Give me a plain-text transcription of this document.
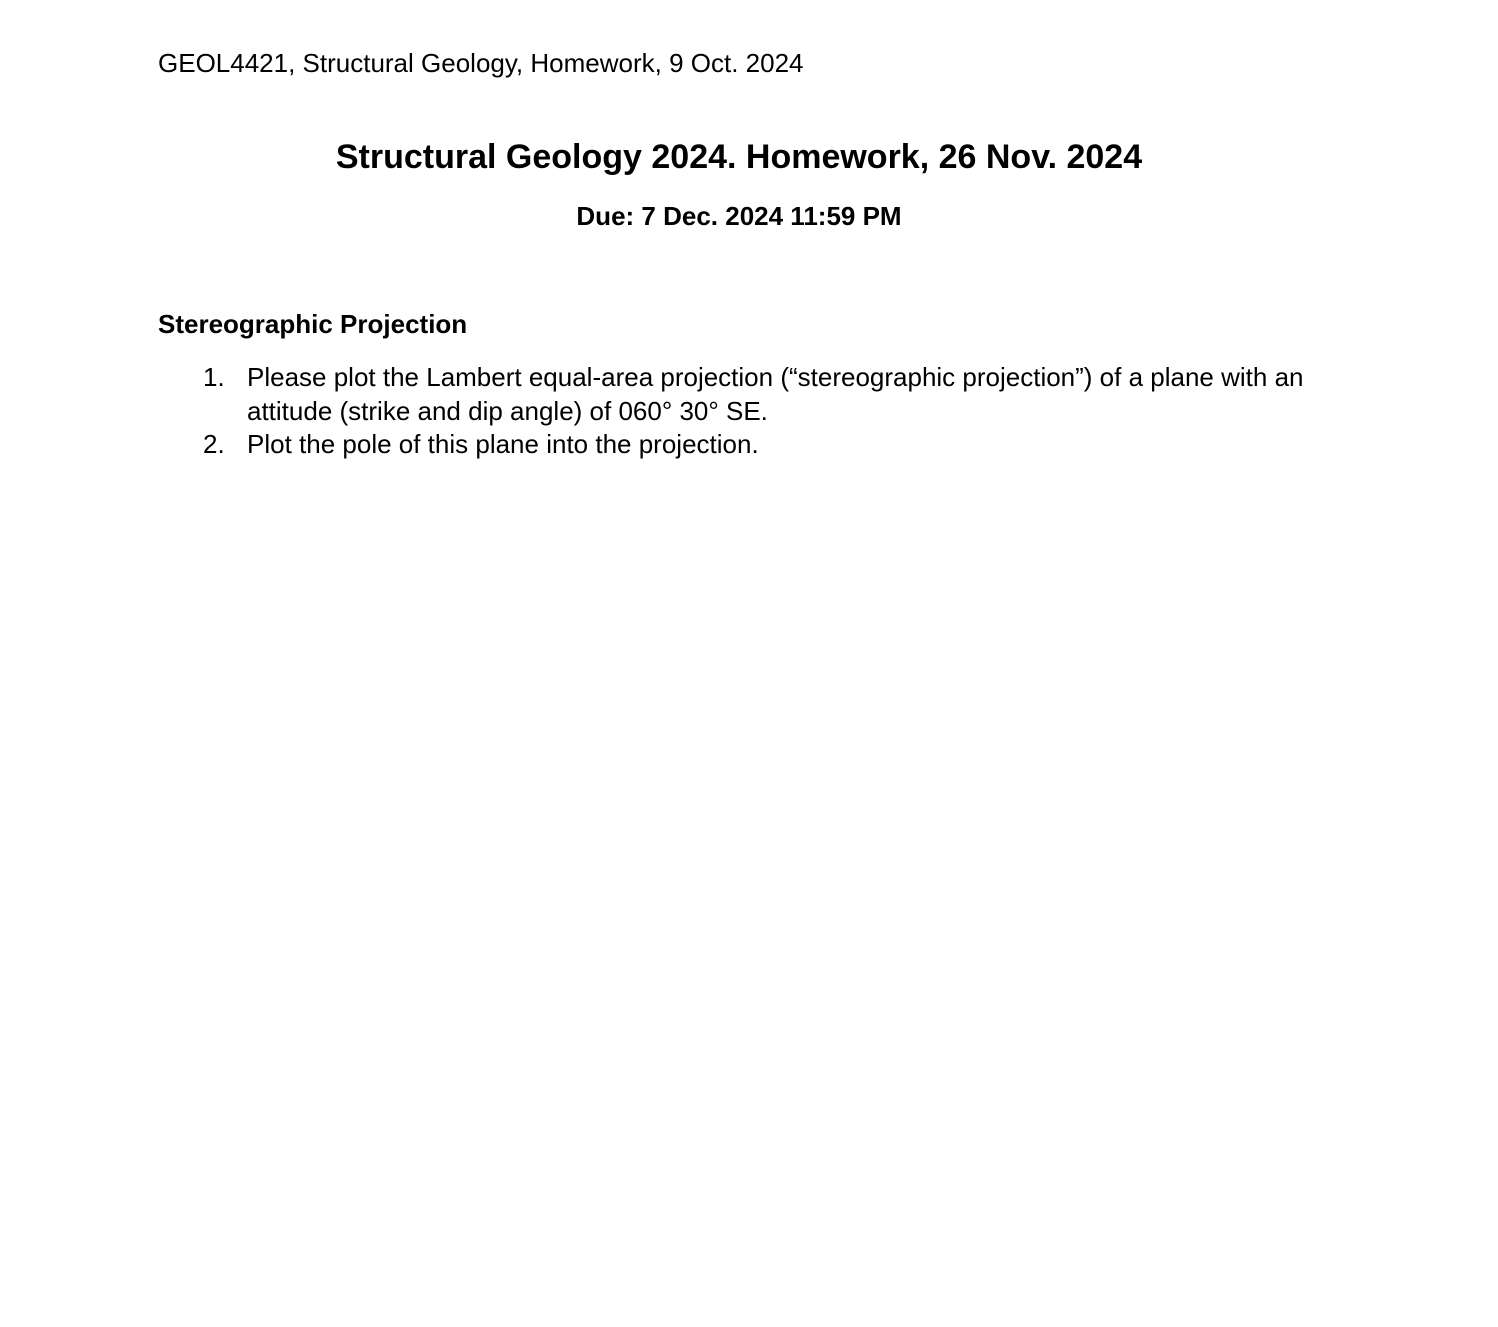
GEOL4421, Structural Geology, Homework, 9 Oct. 2024
Structural Geology 2024. Homework, 26 Nov. 2024
Due: 7 Dec. 2024 11:59 PM
Stereographic Projection
1. Please plot the Lambert equal-area projection (“stereographic projection”) of a plane with an attitude (strike and dip angle) of 060° 30° SE.
2. Plot the pole of this plane into the projection.
